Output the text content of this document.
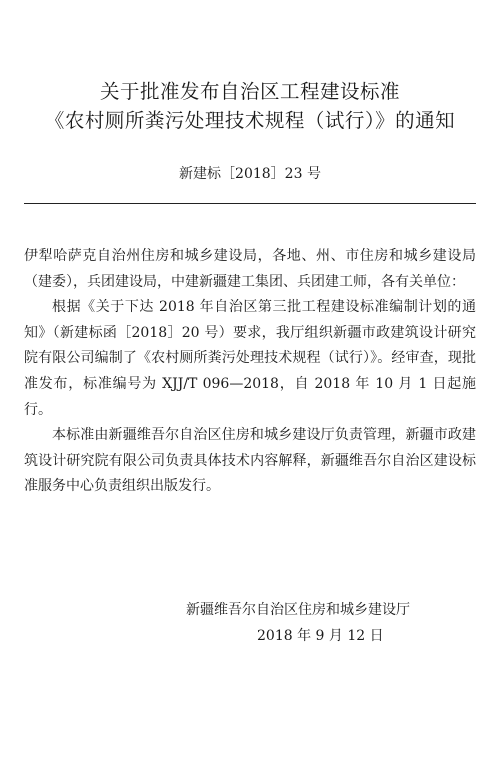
关于批准发布自治区工程建设标准
《农村厕所粪污处理技术规程（试行）》的通知
新建标［2018］23 号

伊犁哈萨克自治州住房和城乡建设局，各地、州、市住房和城乡建设局（建委），兵团建设局，中建新疆建工集团、兵团建工师，各有关单位：

根据《关于下达 2018 年自治区第三批工程建设标准编制计划的通知》（新建标函［2018］20 号）要求，我厅组织新疆市政建筑设计研究院有限公司编制了《农村厕所粪污处理技术规程（试行）》。经审查，现批准发布，标准编号为 XJJ/T 096—2018，自 2018 年 10 月 1 日起施行。

本标准由新疆维吾尔自治区住房和城乡建设厅负责管理，新疆市政建筑设计研究院有限公司负责具体技术内容解释，新疆维吾尔自治区建设标准服务中心负责组织出版发行。

新疆维吾尔自治区住房和城乡建设厅
2018 年 9 月 12 日
